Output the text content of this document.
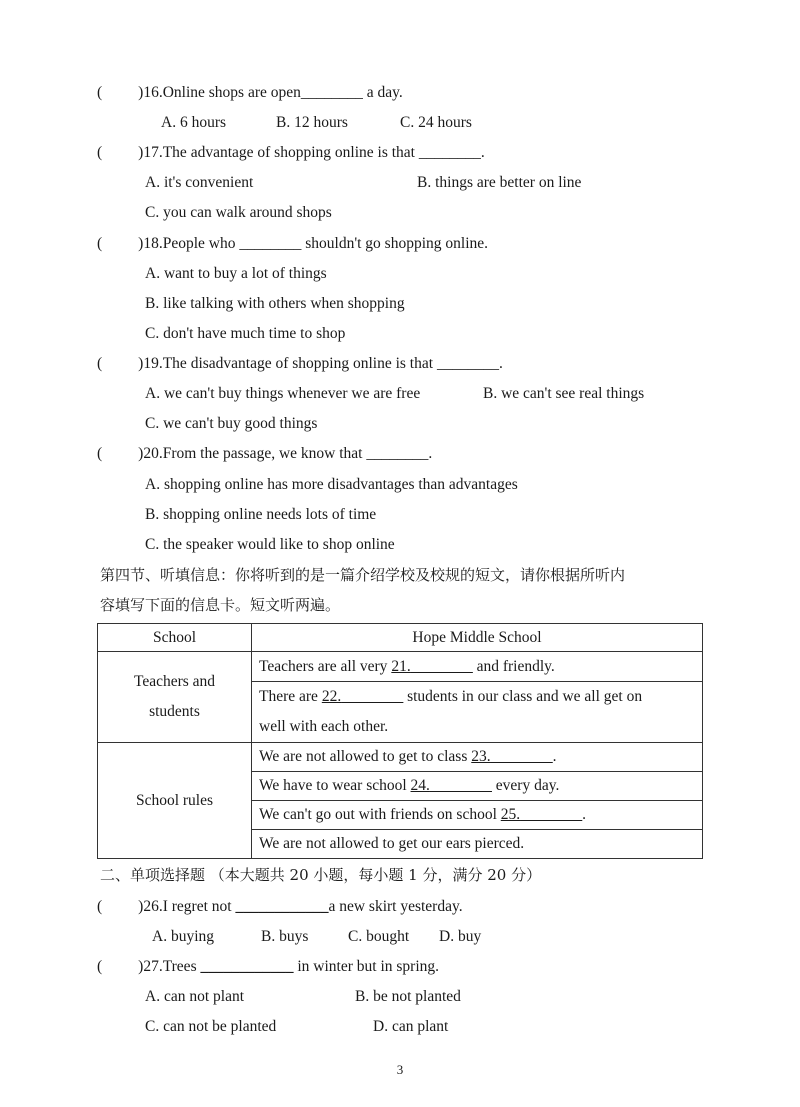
( )16.Online shops are open________ a day.
A. 6 hours	B. 12 hours	C. 24 hours
( )17.The advantage of shopping online is that ________.
A. it's convenient	B. things are better on line
C. you can walk around shops
( )18.People who ________ shouldn't go shopping online.
A. want to buy a lot of things
B. like talking with others when shopping
C. don't have much time to shop
( )19.The disadvantage of shopping online is that ________.
A. we can't buy things whenever we are free	B. we can't see real things
C. we can't buy good things
( )20.From the passage, we know that ________.
A. shopping online has more disadvantages than advantages
B. shopping online needs lots of time
C. the speaker would like to shop online
第四节、听填信息：你将听到的是一篇介绍学校及校规的短文，请你根据所听内
容填写下面的信息卡。短文听两遍。
School	Hope Middle School

Teachers and
students	Teachers are all very 21.________ and friendly.

	There are 22.________ students in our class and we all get on
well with each other.

School rules	We are not allowed to get to class 23.________.
	We have to wear school 24.________ every day.
	We can't go out with friends on school 25.________.
	We are not allowed to get our ears pierced.
二、单项选择题 （本大题共 20 小题，每小题 1 分，满分 20 分）
( )26.I regret not ____________a new skirt yesterday.
A. buying	B. buys	C. bought D. buy
( )27.Trees ____________ in winter but in spring.
A. can not plant	B. be not planted
C. can not be planted	D. can plant
3
